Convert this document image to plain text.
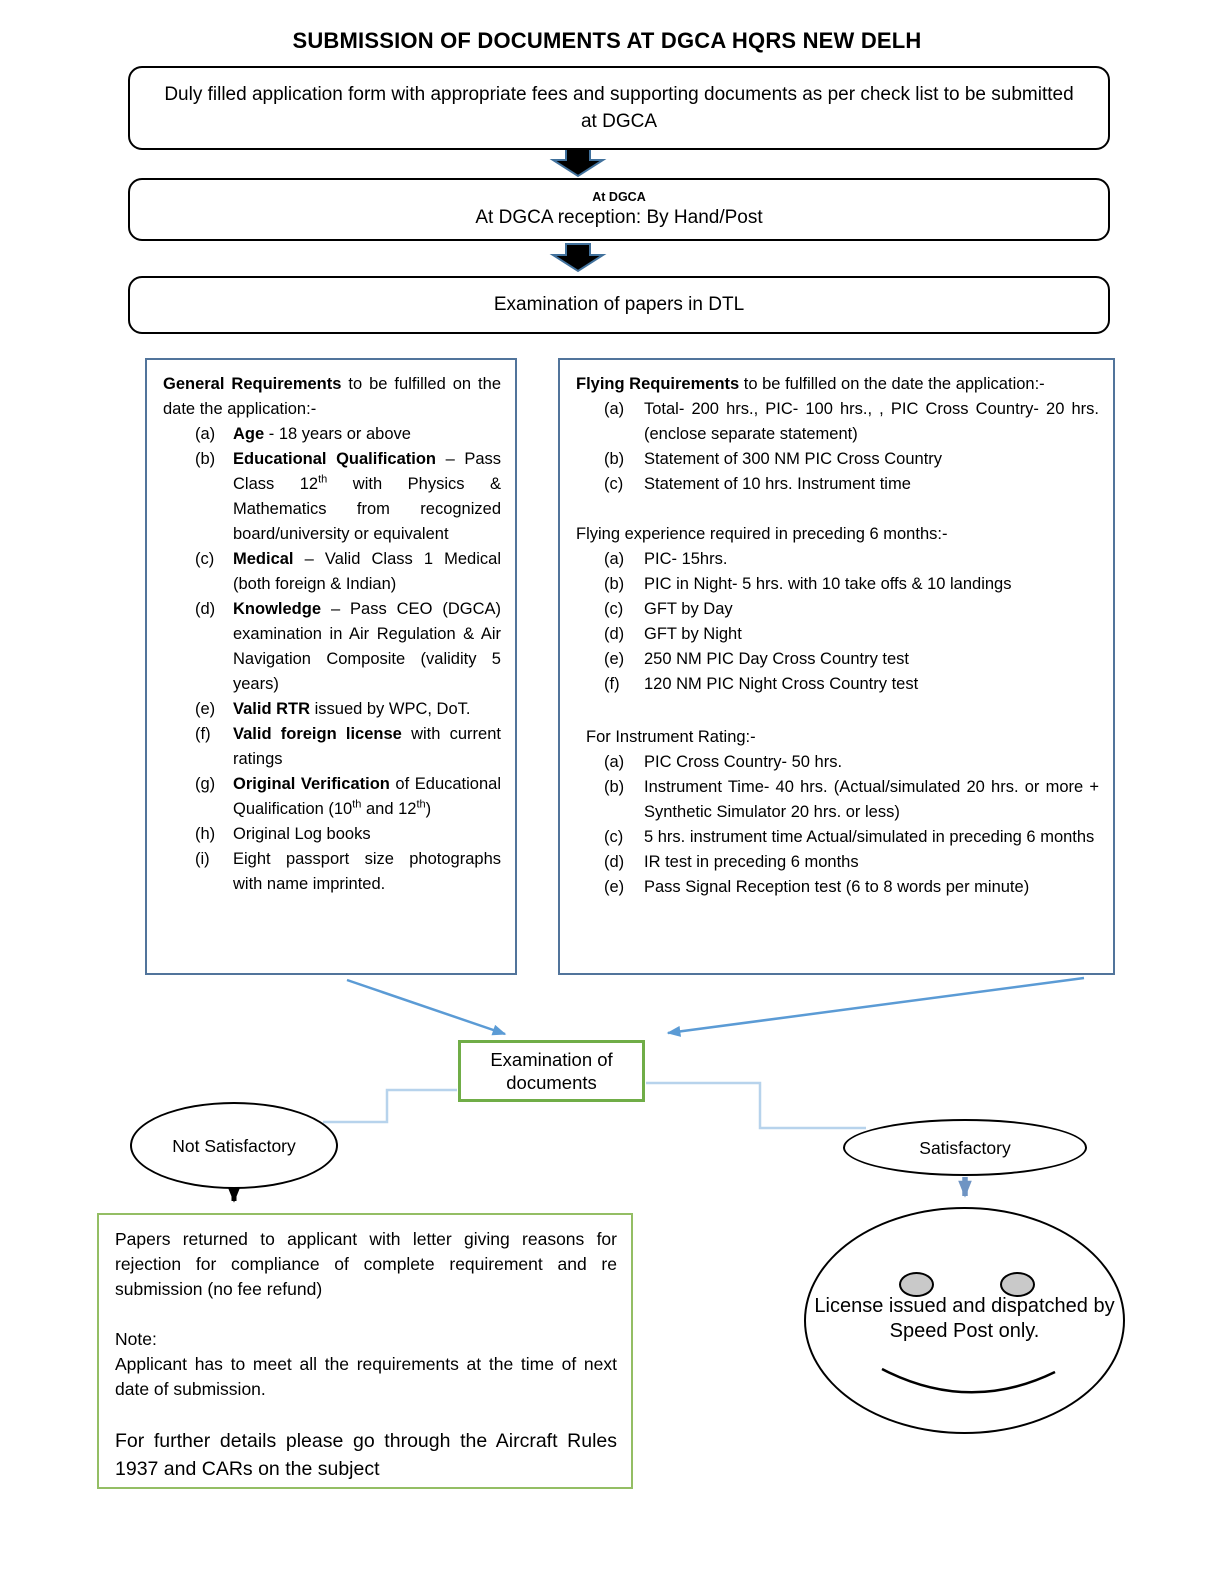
SUBMISSION OF DOCUMENTS AT DGCA HQRS NEW DELH
Duly filled application form with appropriate fees and supporting documents as per check list to be submitted at DGCA
At DGCA
At DGCA reception: By Hand/Post
Examination of papers in DTL

General Requirements to be fulfilled on the date the application:-

(a)	Age - 18 years or above
(b)	Educational Qualification – Pass Class 12th with Physics & Mathematics from recognized board/university or equivalent
(c)	Medical – Valid Class 1 Medical (both foreign & Indian)
(d)	Knowledge – Pass CEO (DGCA) examination in Air Regulation & Air Navigation Composite (validity 5 years)
(e)	Valid RTR issued by WPC, DoT.
(f)	Valid foreign license with current ratings
(g)	Original Verification of Educational Qualification (10th and 12th)
(h)	Original Log books
(i)	Eight passport size photographs with name imprinted.

Flying Requirements to be fulfilled on the date the application:-

(a)	Total- 200 hrs., PIC- 100 hrs., , PIC Cross Country- 20 hrs. (enclose separate statement)
(b)	Statement of 300 NM PIC Cross Country
(c)	Statement of 10 hrs. Instrument time

Flying experience required in preceding 6 months:-

(a)	PIC- 15hrs.
(b)	PIC in Night- 5 hrs. with 10 take offs & 10 landings
(c)	GFT by Day
(d)	GFT by Night
(e)	250 NM PIC Day Cross Country test
(f)	120 NM PIC Night Cross Country test

For Instrument Rating:-

(a)	PIC Cross Country- 50 hrs.
(b)	Instrument Time- 40 hrs. (Actual/simulated 20 hrs. or more + Synthetic Simulator 20 hrs. or less)
(c)	5 hrs. instrument time Actual/simulated in preceding 6 months
(d)	IR test in preceding 6 months
(e)	Pass Signal Reception test (6 to 8 words per minute)
Examination of documents
Not Satisfactory	Satisfactory

Papers returned to applicant with letter giving reasons for rejection for compliance of complete requirement and re submission (no fee refund)

Note:

Applicant has to meet all the requirements at the time of next date of submission.

For further details please go through the Aircraft Rules 1937 and CARs on the subject

License issued and dispatched by Speed Post only.
